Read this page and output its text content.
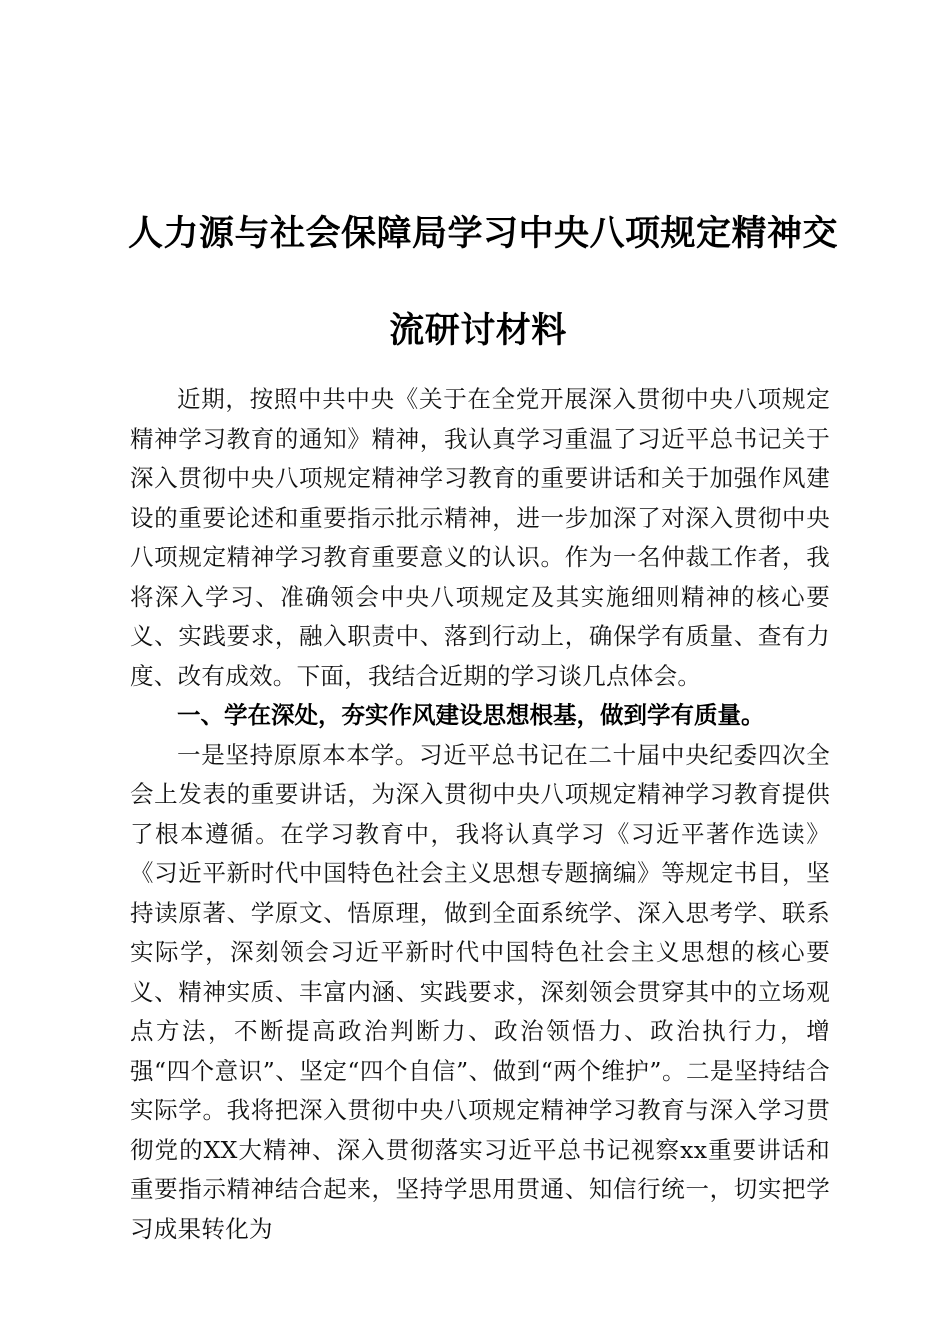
人力源与社会保障局学习中央八项规定精神交
流研讨材料

近期，按照中共中央《关于在全党开展深入贯彻中央八项规定精神学习教育的通知》精神，我认真学习重温了习近平总书记关于深入贯彻中央八项规定精神学习教育的重要讲话和关于加强作风建设的重要论述和重要指示批示精神，进一步加深了对深入贯彻中央八项规定精神学习教育重要意义的认识。作为一名仲裁工作者，我将深入学习、准确领会中央八项规定及其实施细则精神的核心要义、实践要求，融入职责中、落到行动上，确保学有质量、查有力度、改有成效。下面，我结合近期的学习谈几点体会。

一、学在深处，夯实作风建设思想根基，做到学有质量。

一是坚持原原本本学。习近平总书记在二十届中央纪委四次全会上发表的重要讲话，为深入贯彻中央八项规定精神学习教育提供了根本遵循。在学习教育中，我将认真学习《习近平著作选读》《习近平新时代中国特色社会主义思想专题摘编》等规定书目，坚持读原著、学原文、悟原理，做到全面系统学、深入思考学、联系实际学，深刻领会习近平新时代中国特色社会主义思想的核心要义、精神实质、丰富内涵、实践要求，深刻领会贯穿其中的立场观点方法，不断提高政治判断力、政治领悟力、政治执行力，增强“四个意识”、坚定“四个自信”、做到“两个维护”。二是坚持结合实际学。我将把深入贯彻中央八项规定精神学习教育与深入学习贯彻党的XX大精神、深入贯彻落实习近平总书记视察xx重要讲话和重要指示精神结合起来，坚持学思用贯通、知信行统一，切实把学习成果转化为
